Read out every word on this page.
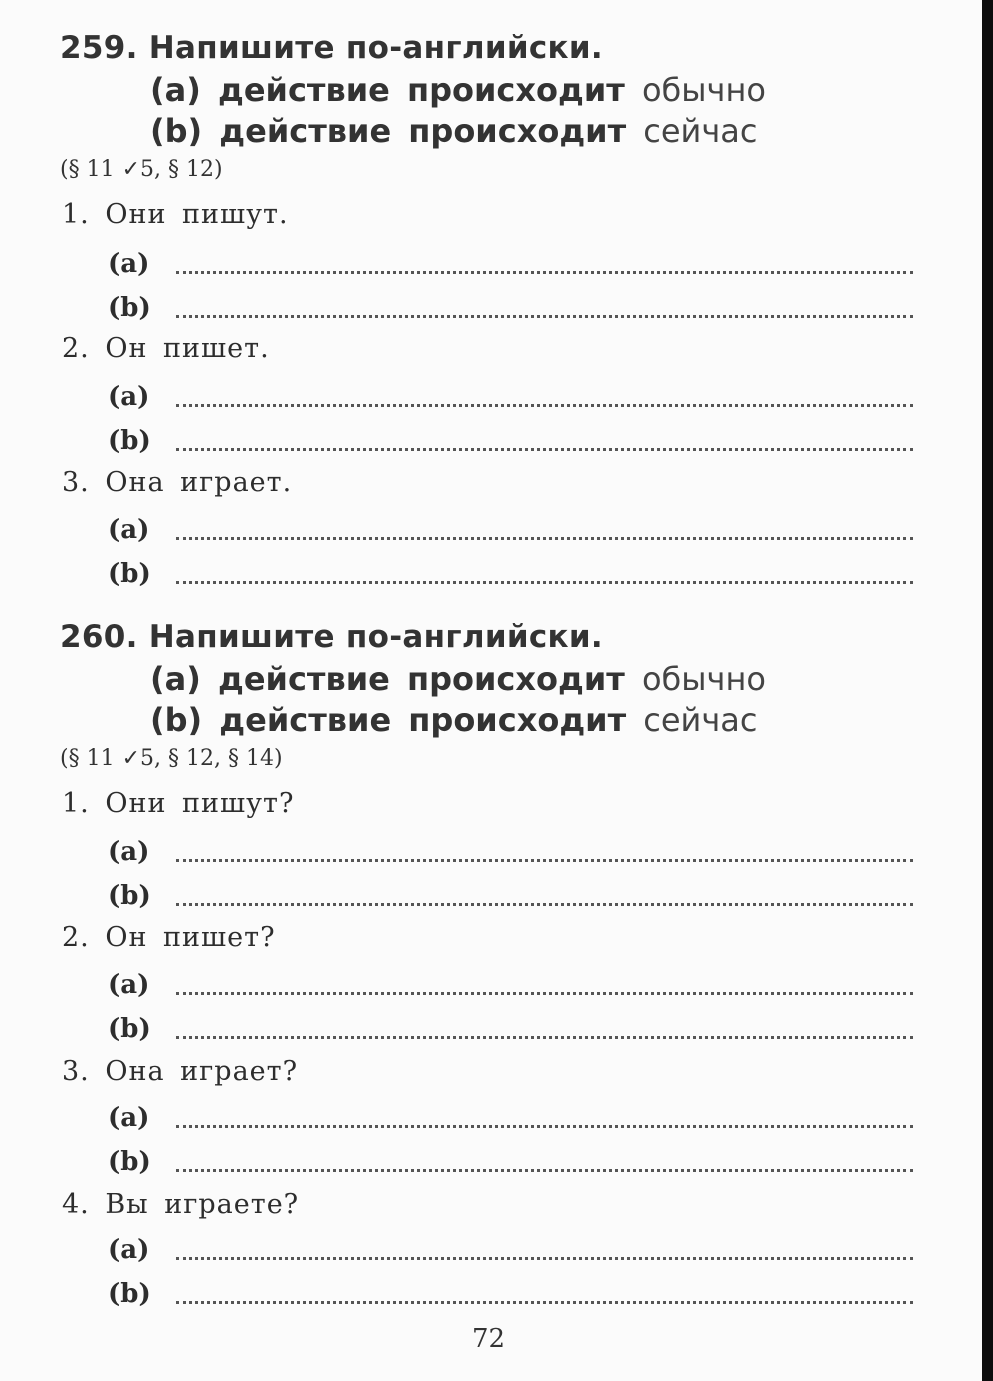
259. Напишите по-английски.
(a) действие происходит обычно
(b) действие происходит сейчас
(§ 11 ✓5, § 12)
1. Они пишут.
(a)
(b)
2. Он пишет.
(a)
(b)
3. Она играет.
(a)
(b)
260. Напишите по-английски.
(a) действие происходит обычно
(b) действие происходит сейчас
(§ 11 ✓5, § 12, § 14)
1. Они пишут?
(a)
(b)
2. Он пишет?
(a)
(b)
3. Она играет?
(a)
(b)
4. Вы играете?
(a)
(b)
72
